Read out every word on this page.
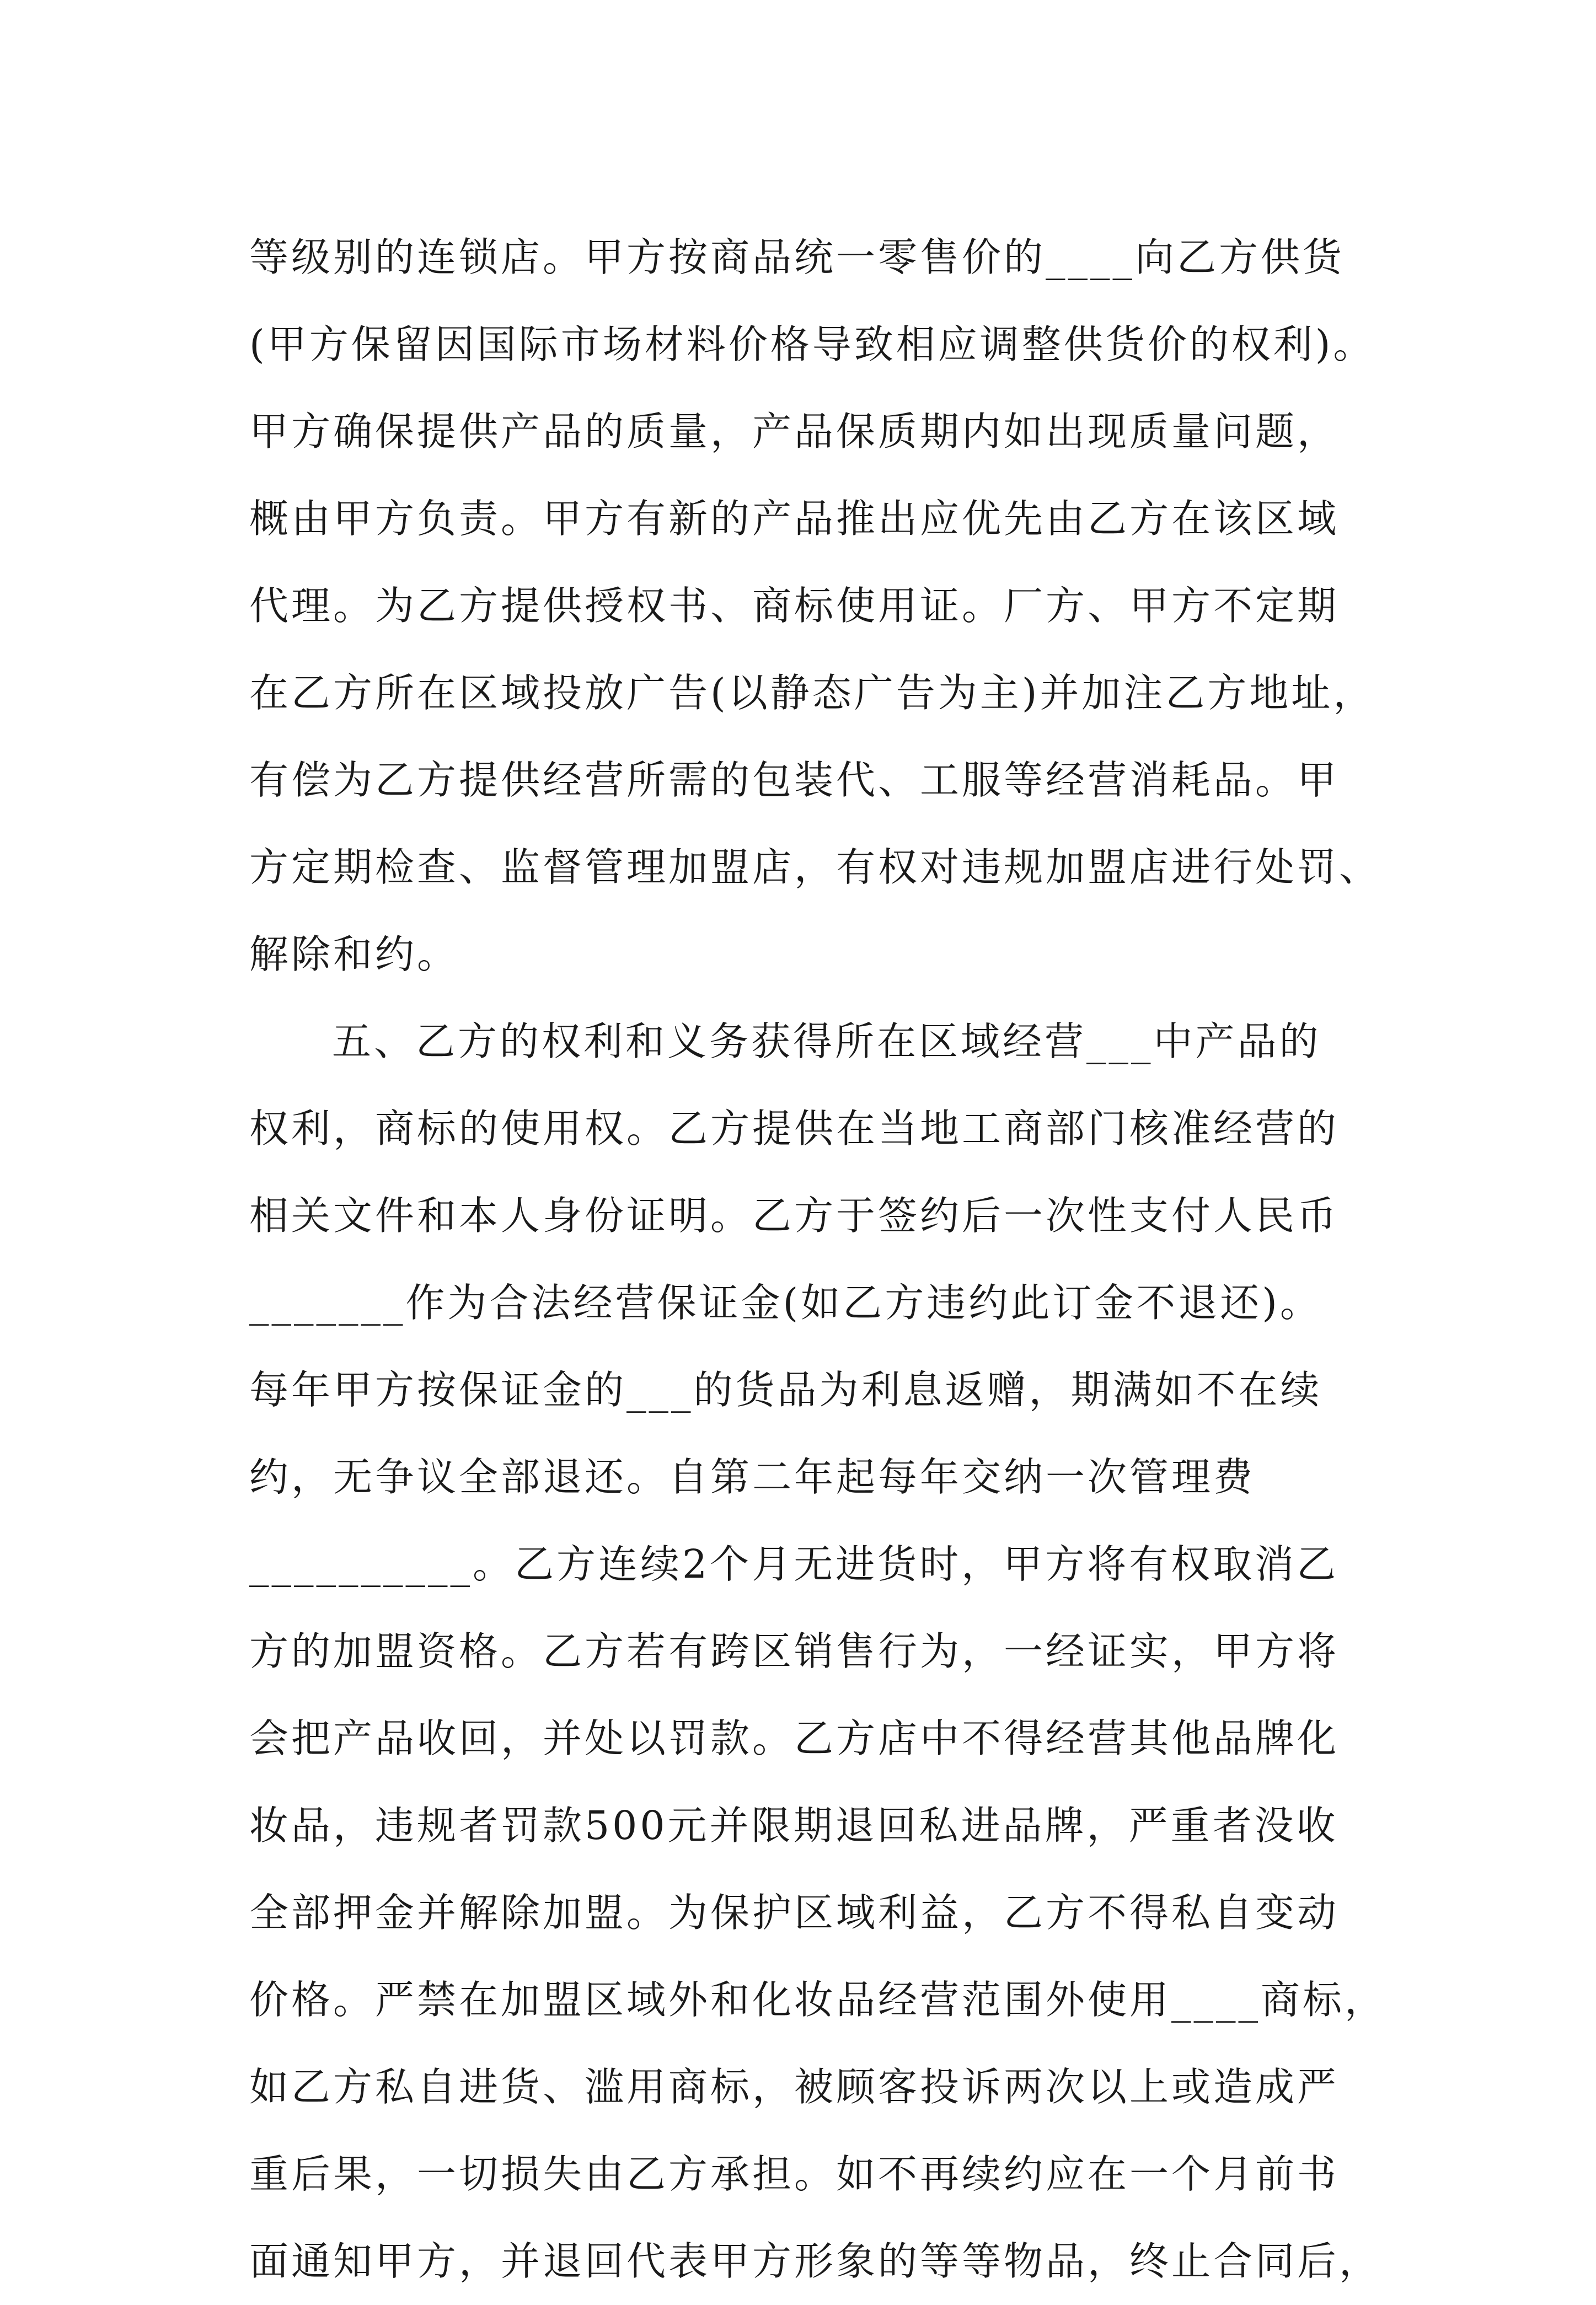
等级别的连锁店。甲方按商品统一零售价的____向乙方供货
(甲方保留因国际市场材料价格导致相应调整供货价的权利)。
甲方确保提供产品的质量，产品保质期内如出现质量问题，
概由甲方负责。甲方有新的产品推出应优先由乙方在该区域
代理。为乙方提供授权书、商标使用证。厂方、甲方不定期
在乙方所在区域投放广告(以静态广告为主)并加注乙方地址，
有偿为乙方提供经营所需的包装代、工服等经营消耗品。甲
方定期检查、监督管理加盟店，有权对违规加盟店进行处罚、
解除和约。
五、乙方的权利和义务获得所在区域经营___中产品的
权利，商标的使用权。乙方提供在当地工商部门核准经营的
相关文件和本人身份证明。乙方于签约后一次性支付人民币
_______作为合法经营保证金(如乙方违约此订金不退还)。
每年甲方按保证金的___的货品为利息返赠，期满如不在续
约，无争议全部退还。自第二年起每年交纳一次管理费
__________。乙方连续2个月无进货时，甲方将有权取消乙
方的加盟资格。乙方若有跨区销售行为，一经证实，甲方将
会把产品收回，并处以罚款。乙方店中不得经营其他品牌化
妆品，违规者罚款500元并限期退回私进品牌，严重者没收
全部押金并解除加盟。为保护区域利益，乙方不得私自变动
价格。严禁在加盟区域外和化妆品经营范围外使用____商标，
如乙方私自进货、滥用商标，被顾客投诉两次以上或造成严
重后果，一切损失由乙方承担。如不再续约应在一个月前书
面通知甲方，并退回代表甲方形象的等等物品，终止合同后，
